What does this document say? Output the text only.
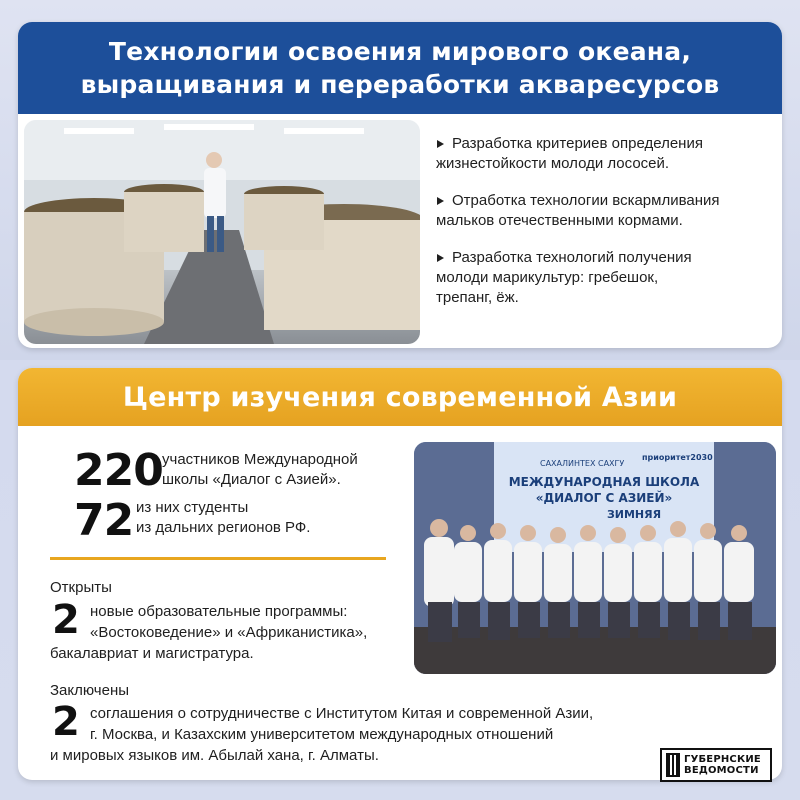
Технологии освоения мирового океана,
выращивания и переработки акваресурсов
Разработка критериев определения
жизнестойкости молоди лососей.
Отработка технологии вскармливания
мальков отечественными кормами.
Разработка технологий получения
молоди марикультур: гребешок,
трепанг, ёж.
Центр изучения современной Азии
220 участников Международной
школы «Диалог с Азией».
72 из них студенты
из дальних регионов РФ.
Открыты
2 новые образовательные программы:
«Востоковедение» и «Африканистика»,
бакалавриат и магистратура.
Заключены
2 соглашения о сотрудничестве с Институтом Китая и современной Азии,
г. Москва, и Казахским университетом международных отношений
и мировых языков им. Абылай хана, г. Алматы.
САХАЛИНТЕХ САХГУ
приоритет2030
МЕЖДУНАРОДНАЯ ШКОЛА
«ДИАЛОГ С АЗИЕЙ»
ЗИМНЯЯ
ГУБЕРНСКИЕ
ВЕДОМОСТИ
